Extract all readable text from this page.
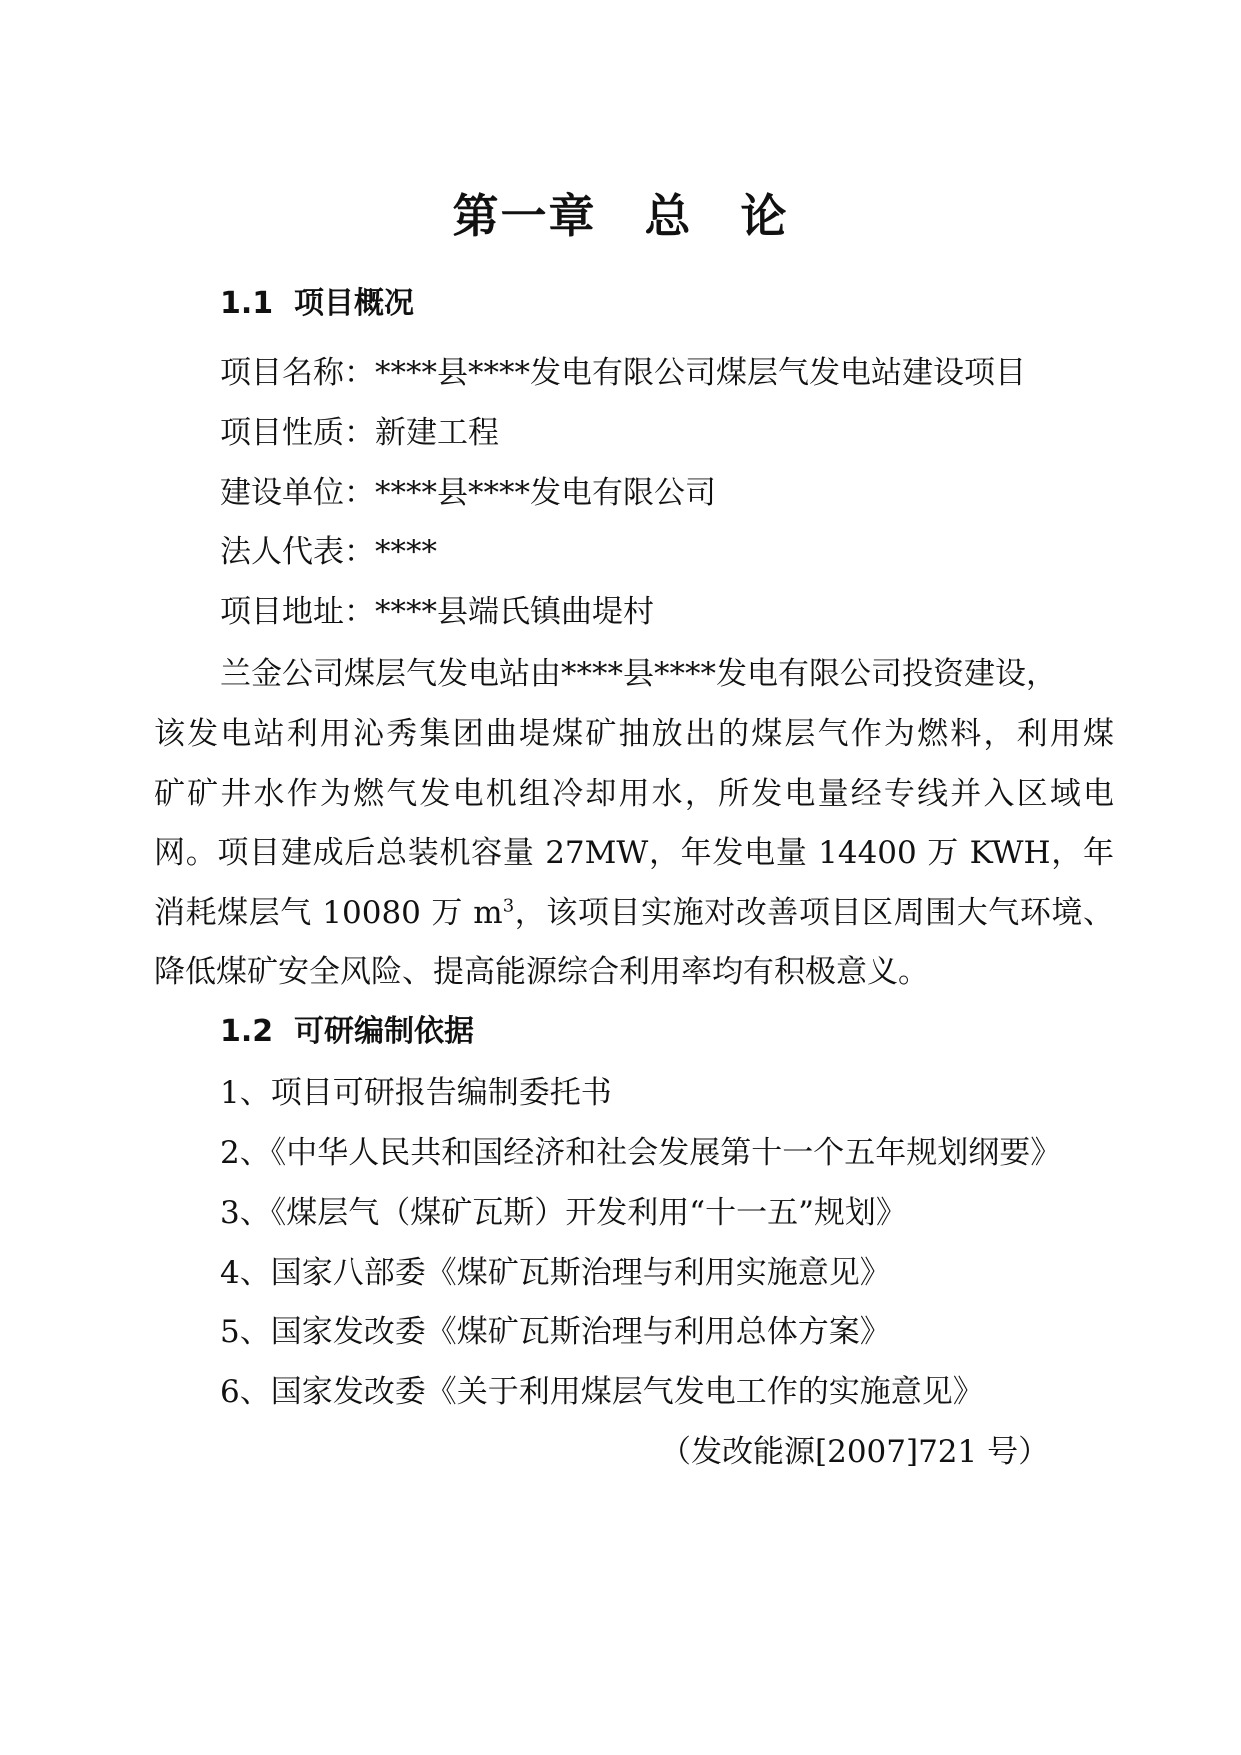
第一章　总　论
1.1  项目概况
项目名称：****县****发电有限公司煤层气发电站建设项目
项目性质：新建工程
建设单位：****县****发电有限公司
法人代表：****
项目地址：****县端氏镇曲堤村
兰金公司煤层气发电站由****县****发电有限公司投资建设，
该发电站利用沁秀集团曲堤煤矿抽放出的煤层气作为燃料，利用煤
矿矿井水作为燃气发电机组冷却用水，所发电量经专线并入区域电
网。项目建成后总装机容量 27MW，年发电量 14400 万 KWH，年
消耗煤层气 10080 万 $m^3$，该项目实施对改善项目区周围大气环境、
降低煤矿安全风险、提高能源综合利用率均有积极意义。
1.2  可研编制依据
1、项目可研报告编制委托书
2、《中华人民共和国经济和社会发展第十一个五年规划纲要》
3、《煤层气（煤矿瓦斯）开发利用“十一五”规划》
4、国家八部委《煤矿瓦斯治理与利用实施意见》
5、国家发改委《煤矿瓦斯治理与利用总体方案》
6、国家发改委《关于利用煤层气发电工作的实施意见》
（发改能源[2007]721 号）
